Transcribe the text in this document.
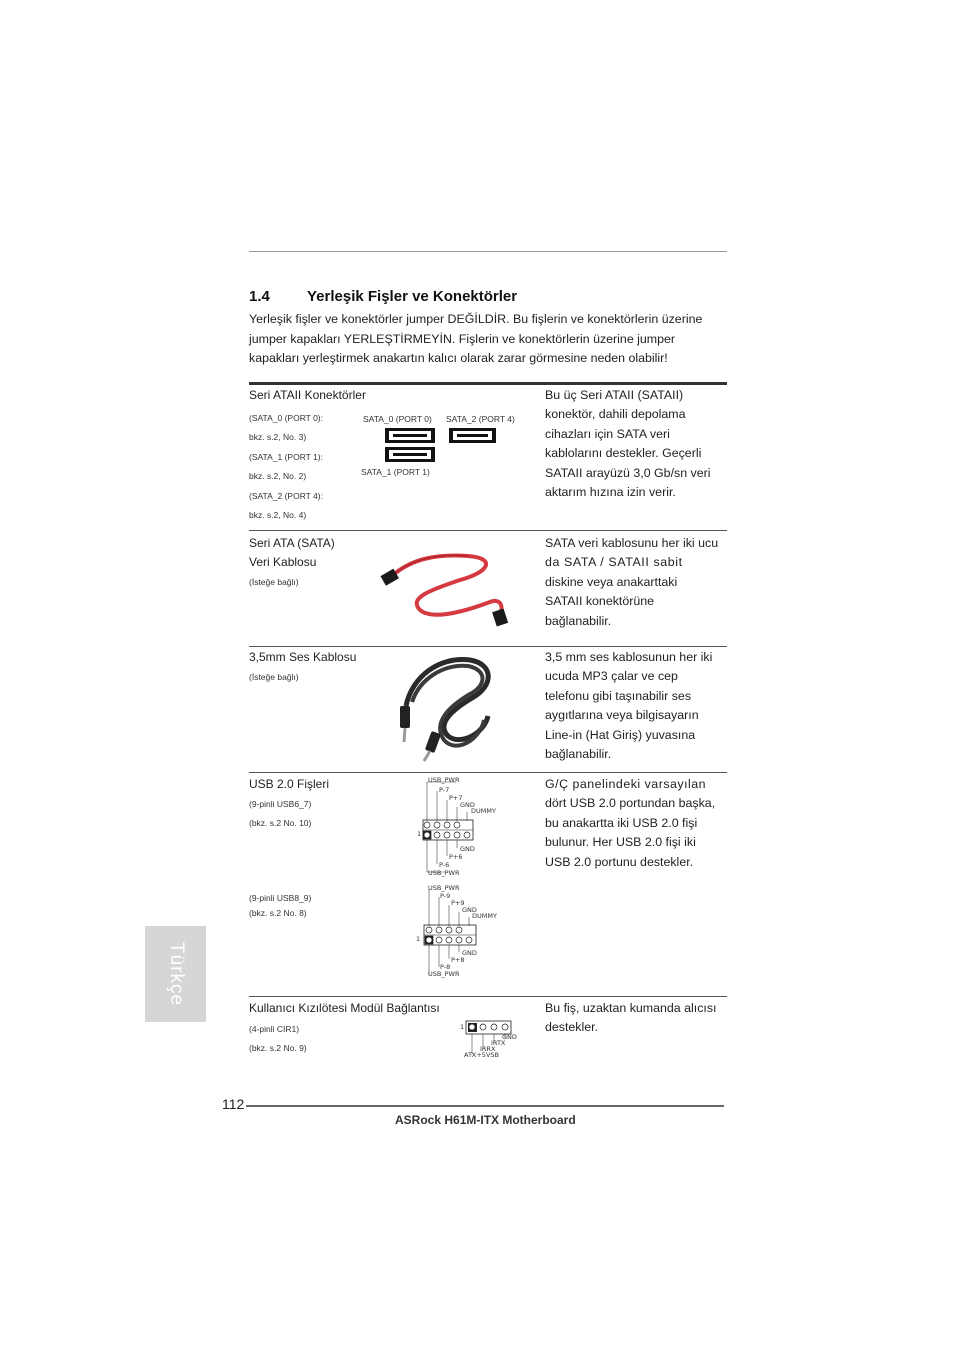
1.4 Yerleşik Fişler ve Konektörler
Yerleşik fişler ve konektörler jumper DEĞİLDİR. Bu fişlerin ve konektörlerin üzerine
jumper kapakları YERLEŞTİRMEYİN. Fişlerin ve konektörlerin üzerine jumper
kapakları yerleştirmek anakartın kalıcı olarak zarar görmesine neden olabilir!
Seri ATAII Konektörler
(SATA_0 (PORT 0):
bkz. s.2, No. 3)
(SATA_1 (PORT 1):
bkz. s.2, No. 2)
(SATA_2 (PORT 4):
bkz. s.2, No. 4)
SATA_0 (PORT 0) SATA_2 (PORT 4)
SATA_1 (PORT 1)
Bu üç Seri ATAII (SATAII)
konektör, dahili depolama
cihazları için SATA veri
kablolarını destekler. Geçerli
SATAII arayüzü 3,0 Gb/sn veri
aktarım hızına izin verir.
Seri ATA (SATA)
Veri Kablosu
(İsteğe bağlı)
SATA veri kablosunu her iki ucu
da SATA / SATAII sabit
diskine veya anakarttaki
SATAII konektörüne
bağlanabilir.
3,5mm Ses Kablosu
(İsteğe bağlı)
3,5 mm ses kablosunun her iki
ucuda MP3 çalar ve cep
telefonu gibi taşınabilir ses
aygıtlarına veya bilgisayarın
Line-in (Hat Giriş) yuvasına
bağlanabilir.
USB 2.0 Fişleri
(9-pinli USB6_7)
(bkz. s.2 No. 10)
(9-pinli USB8_9)
(bkz. s.2 No. 8)
USB_PWR
P-7
P+7
GND
DUMMY
1
GND
P+6
P-6
USB_PWR
USB_PWR
P-9
P+9
GND
DUMMY
1
GND
P+8
P-8
USB_PWR
G/Ç panelindeki varsayılan
dört USB 2.0 portundan başka,
bu anakartta iki USB 2.0 fişi
bulunur. Her USB 2.0 fişi iki
USB 2.0 portunu destekler.
Kullanıcı Kızılötesi Modül Bağlantısı
(4-pinli CIR1)
(bkz. s.2 No. 9)
1
GND
IRTX
IRRX
ATX+5VSB
Bu fiş, uzaktan kumanda alıcısı
destekler.
Türkçe
112
ASRock H61M-ITX Motherboard
